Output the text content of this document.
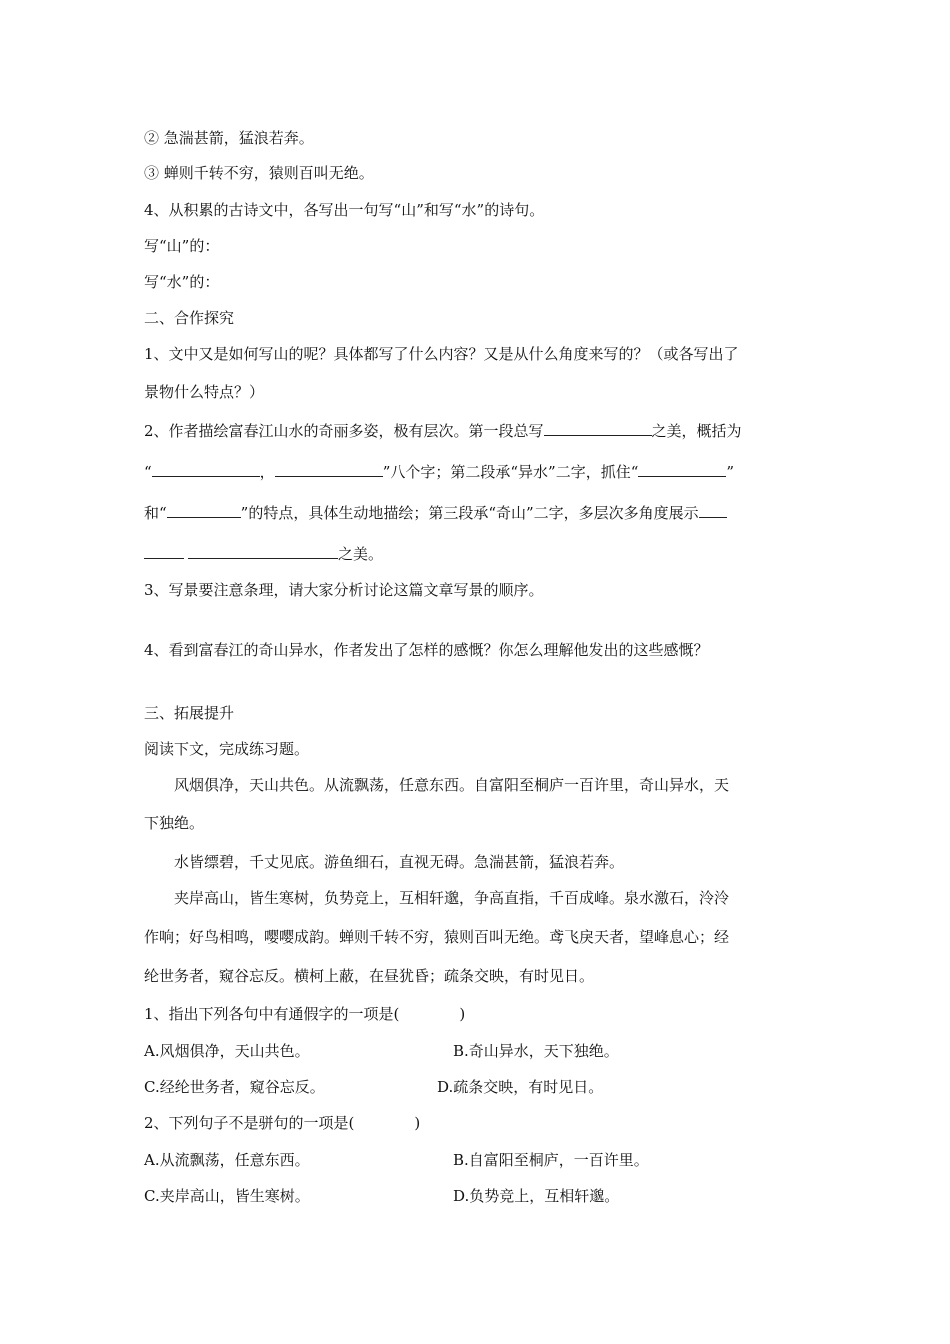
② 急湍甚箭，猛浪若奔。
③ 蝉则千转不穷，猿则百叫无绝。
4、从积累的古诗文中，各写出一句写“山”和写“水”的诗句。
写“山”的：
写“水”的：
二、合作探究
1、文中又是如何写山的呢？具体都写了什么内容？又是从什么角度来写的？（或各写出了
景物什么特点？）
2、作者描绘富春江山水的奇丽多姿，极有层次。第一段总写	之美，概括为
“	，	”八个字；第二段承“异水”二字，抓住“	”
和“	”的特点，具体生动地描绘；第三段承“奇山”二字，多层次多角度展示
之美。
3、写景要注意条理，请大家分析讨论这篇文章写景的顺序。
4、看到富春江的奇山异水，作者发出了怎样的感慨？你怎么理解他发出的这些感慨？
三、拓展提升
阅读下文，完成练习题。
风烟俱净，天山共色。从流飘荡，任意东西。自富阳至桐庐一百许里，奇山异水，天
下独绝。
水皆缥碧，千丈见底。游鱼细石，直视无碍。急湍甚箭，猛浪若奔。
夹岸高山，皆生寒树，负势竞上，互相轩邈，争高直指，千百成峰。泉水激石，泠泠
作响；好鸟相鸣，嘤嘤成韵。蝉则千转不穷，猿则百叫无绝。鸢飞戾天者，望峰息心；经
纶世务者，窥谷忘反。横柯上蔽，在昼犹昏；疏条交映，有时见日。
1、指出下列各句中有通假字的一项是(　　　　)
A.风烟俱净，天山共色。	B.奇山异水，天下独绝。
C.经纶世务者，窥谷忘反。	D.疏条交映，有时见日。
2、下列句子不是骈句的一项是(　　　　)
A.从流飘荡，任意东西。	B.自富阳至桐庐，一百许里。
C.夹岸高山，皆生寒树。	D.负势竞上，互相轩邈。
